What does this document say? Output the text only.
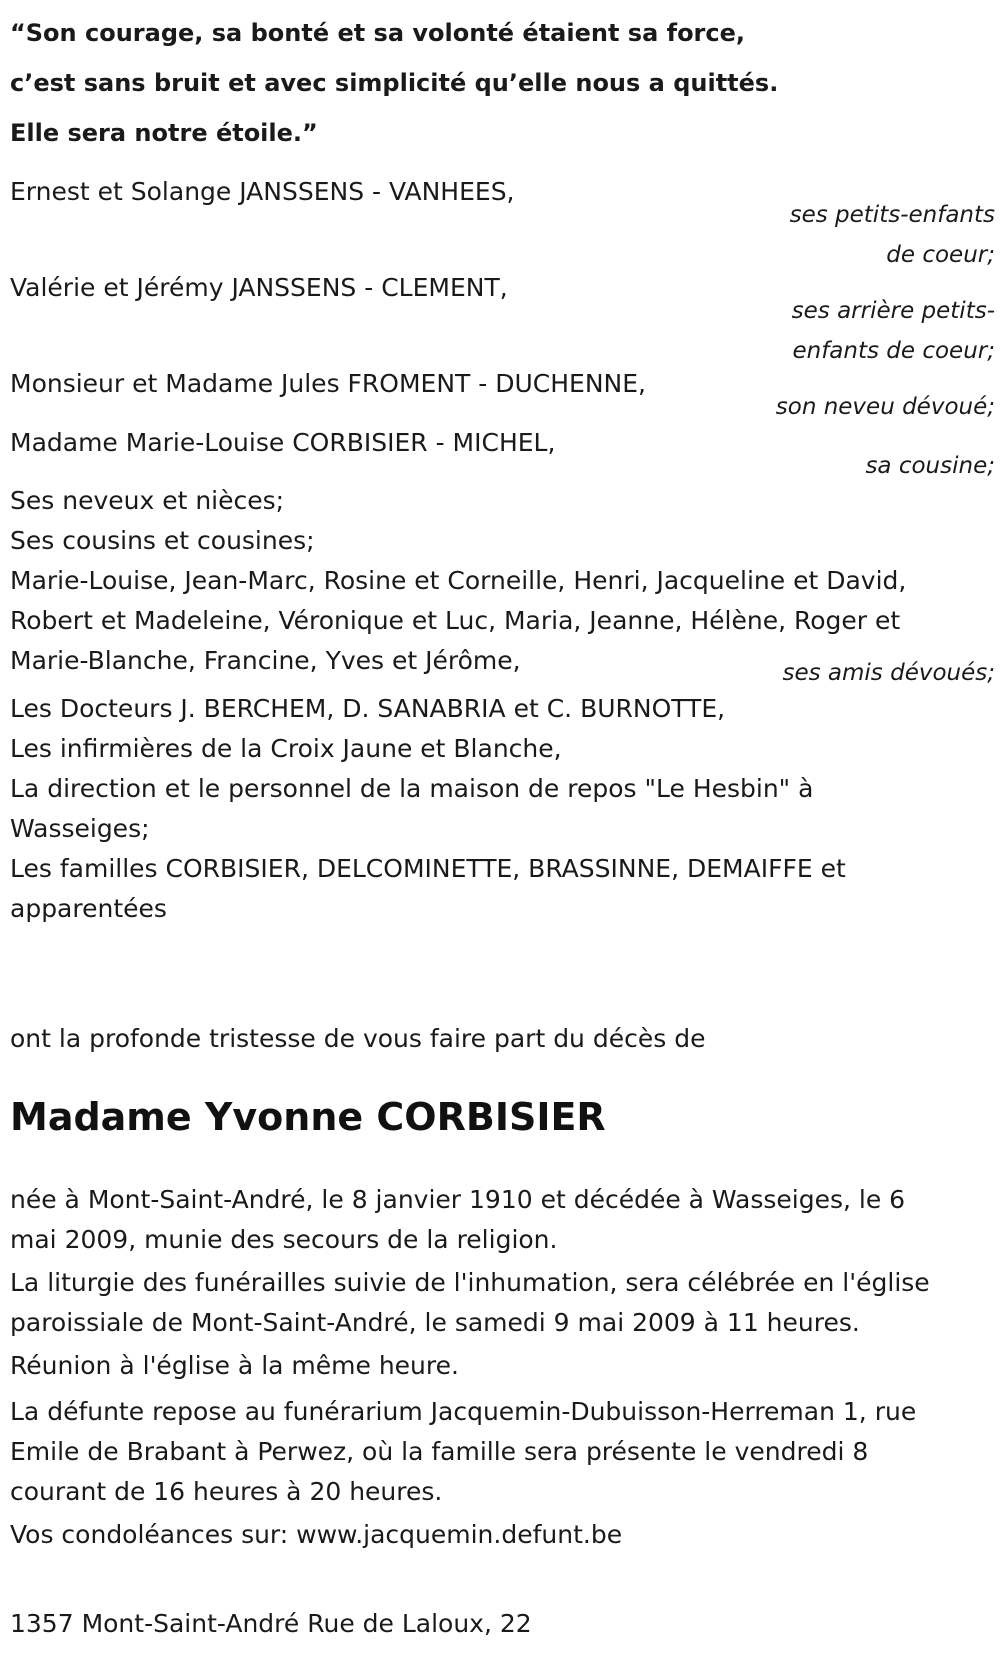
“Son courage, sa bonté et sa volonté étaient sa force,
c’est sans bruit et avec simplicité qu’elle nous a quittés.
Elle sera notre étoile.”
Ernest et Solange JANSSENS - VANHEES,
ses petits-enfants
de coeur;
Valérie et Jérémy JANSSENS - CLEMENT,
ses arrière petits-
enfants de coeur;
Monsieur et Madame Jules FROMENT - DUCHENNE,
son neveu dévoué;
Madame Marie-Louise CORBISIER - MICHEL,
sa cousine;
Ses neveux et nièces;
Ses cousins et cousines;
Marie-Louise, Jean-Marc, Rosine et Corneille, Henri, Jacqueline et David,
Robert et Madeleine, Véronique et Luc, Maria, Jeanne, Hélène, Roger et
Marie-Blanche, Francine, Yves et Jérôme,	ses amis dévoués;
Les Docteurs J. BERCHEM, D. SANABRIA et C. BURNOTTE,
Les infirmières de la Croix Jaune et Blanche,
La direction et le personnel de la maison de repos "Le Hesbin" à
Wasseiges;
Les familles CORBISIER, DELCOMINETTE, BRASSINNE, DEMAIFFE et
apparentées
ont la profonde tristesse de vous faire part du décès de
Madame Yvonne CORBISIER
née à Mont-Saint-André, le 8 janvier 1910 et décédée à Wasseiges, le 6
mai 2009, munie des secours de la religion.
La liturgie des funérailles suivie de l'inhumation, sera célébrée en l'église
paroissiale de Mont-Saint-André, le samedi 9 mai 2009 à 11 heures.
Réunion à l'église à la même heure.
La défunte repose au funérarium Jacquemin-Dubuisson-Herreman 1, rue
Emile de Brabant à Perwez, où la famille sera présente le vendredi 8
courant de 16 heures à 20 heures.
Vos condoléances sur: www.jacquemin.defunt.be
1357 Mont-Saint-André Rue de Laloux, 22
